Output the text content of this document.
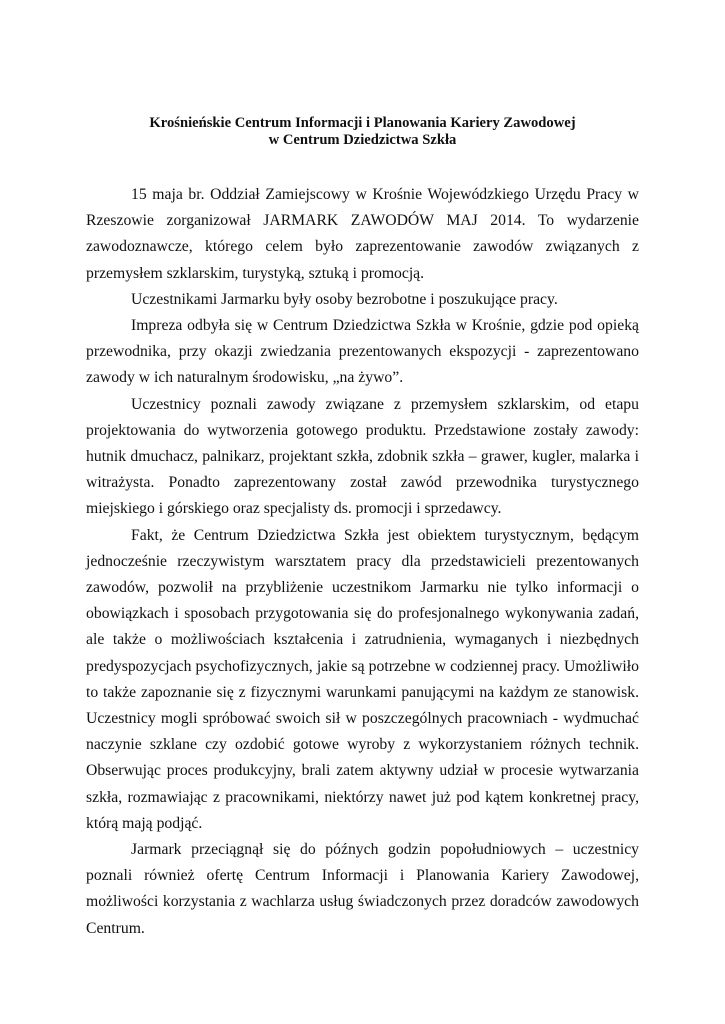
Krośnieńskie Centrum Informacji i Planowania Kariery Zawodowej
w Centrum Dziedzictwa Szkła

15 maja br. Oddział Zamiejscowy w Krośnie Wojewódzkiego Urzędu Pracy w Rzeszowie zorganizował JARMARK ZAWODÓW MAJ 2014. To wydarzenie zawodoznawcze, którego celem było zaprezentowanie zawodów związanych z przemysłem szklarskim, turystyką, sztuką i promocją.

Uczestnikami Jarmarku były osoby bezrobotne i poszukujące pracy.

Impreza odbyła się w Centrum Dziedzictwa Szkła w Krośnie, gdzie pod opieką przewodnika, przy okazji zwiedzania prezentowanych ekspozycji - zaprezentowano zawody w ich naturalnym środowisku, „na żywo”.

Uczestnicy poznali zawody związane z przemysłem szklarskim, od etapu projektowania do wytworzenia gotowego produktu. Przedstawione zostały zawody: hutnik dmuchacz, palnikarz, projektant szkła, zdobnik szkła – grawer, kugler, malarka i witrażysta. Ponadto zaprezentowany został zawód przewodnika turystycznego miejskiego i górskiego oraz specjalisty ds. promocji i sprzedawcy.

Fakt, że Centrum Dziedzictwa Szkła jest obiektem turystycznym, będącym jednocześnie rzeczywistym warsztatem pracy dla przedstawicieli prezentowanych zawodów, pozwolił na przybliżenie uczestnikom Jarmarku nie tylko informacji o obowiązkach i sposobach przygotowania się do profesjonalnego wykonywania zadań, ale także o możliwościach kształcenia i zatrudnienia, wymaganych i niezbędnych predyspozycjach psychofizycznych, jakie są potrzebne w codziennej pracy. Umożliwiło to także zapoznanie się z fizycznymi warunkami panującymi na każdym ze stanowisk. Uczestnicy mogli spróbować swoich sił w poszczególnych pracowniach - wydmuchać naczynie szklane czy ozdobić gotowe wyroby z wykorzystaniem różnych technik. Obserwując proces produkcyjny, brali zatem aktywny udział w procesie wytwarzania szkła, rozmawiając z pracownikami, niektórzy nawet już pod kątem konkretnej pracy, którą mają podjąć.

Jarmark przeciągnął się do późnych godzin popołudniowych – uczestnicy poznali również ofertę Centrum Informacji i Planowania Kariery Zawodowej, możliwości korzystania z wachlarza usług świadczonych przez doradców zawodowych Centrum.
